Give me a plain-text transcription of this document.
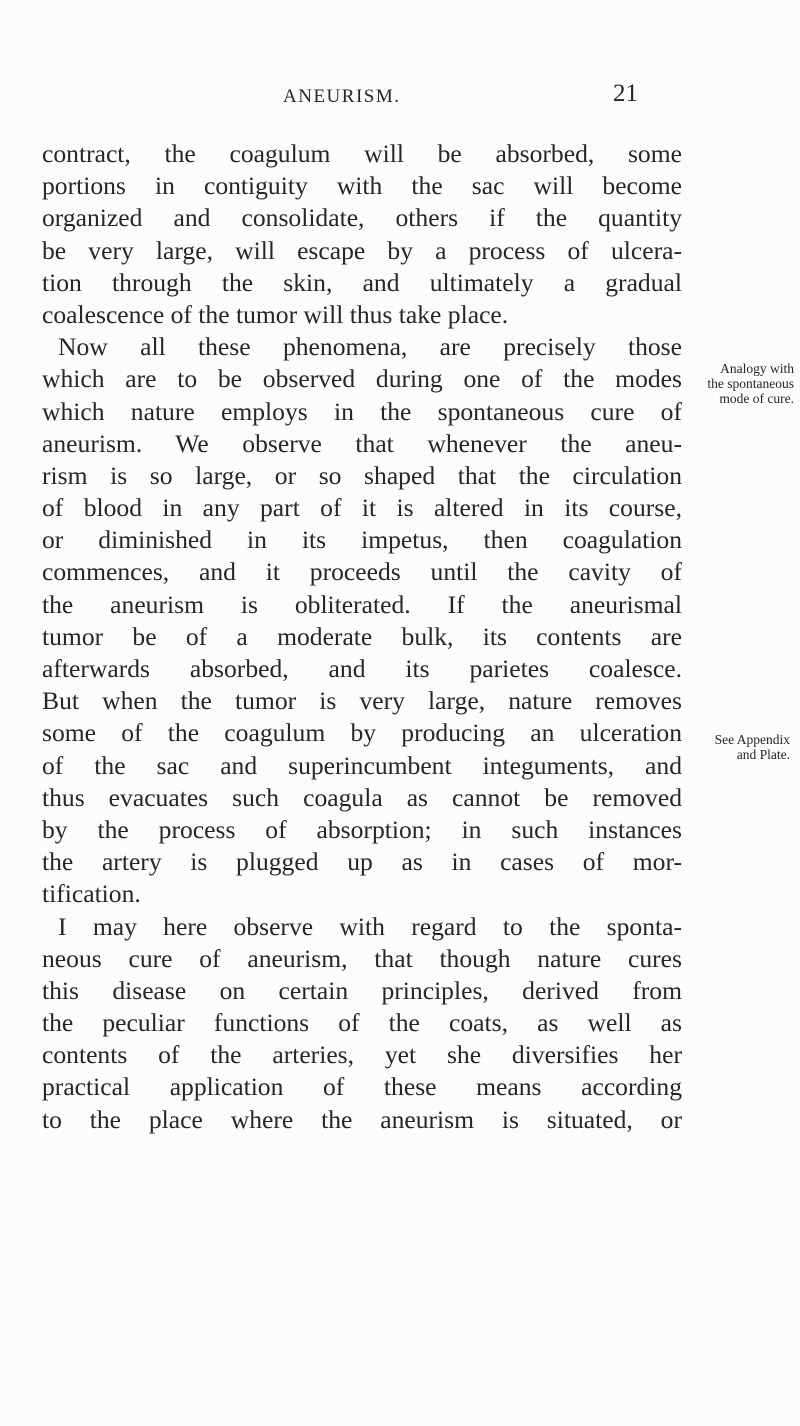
ANEURISM.	21
contract, the coagulum will be absorbed, some
portions in contiguity with the sac will become
organized and consolidate, others if the quantity
be very large, will escape by a process of ulcera-
tion through the skin, and ultimately a gradual
coalescence of the tumor will thus take place.
Now all these phenomena, are precisely those
which are to be observed during one of the modes
which nature employs in the spontaneous cure of
aneurism. We observe that whenever the aneu-
rism is so large, or so shaped that the circulation
of blood in any part of it is altered in its course,
or diminished in its impetus, then coagulation
commences, and it proceeds until the cavity of
the aneurism is obliterated. If the aneurismal
tumor be of a moderate bulk, its contents are
afterwards absorbed, and its parietes coalesce.
But when the tumor is very large, nature removes
some of the coagulum by producing an ulceration
of the sac and superincumbent integuments, and
thus evacuates such coagula as cannot be removed
by the process of absorption; in such instances
the artery is plugged up as in cases of mor-
tification.
I may here observe with regard to the sponta-
neous cure of aneurism, that though nature cures
this disease on certain principles, derived from
the peculiar functions of the coats, as well as
contents of the arteries, yet she diversifies her
practical application of these means according
to the place where the aneurism is situated, or
Analogy with
the spontaneous
mode of cure.
See Appendix
and Plate.
